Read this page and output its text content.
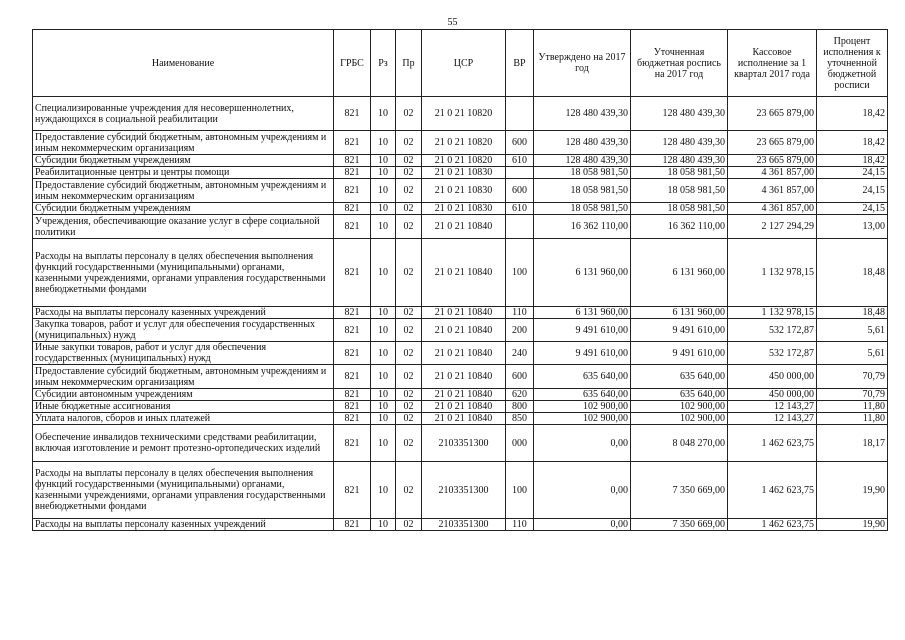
55
Наименование	ГРБС	Рз	Пр	ЦСР	ВР	Утверждено на 2017 год	Уточненная бюджетная роспись на 2017 год	Кассовое исполнение за 1 квартал 2017 года	Процент исполнения к уточненной бюджетной росписи
Специализированные учреждения для несовершеннолетних, нуждающихся в социальной реабилитации	821	10	02	21 0 21 10820		128 480 439,30	128 480 439,30	23 665 879,00	18,42
Предоставление субсидий бюджетным, автономным учреждениям и иным некоммерческим организациям	821	10	02	21 0 21 10820	600	128 480 439,30	128 480 439,30	23 665 879,00	18,42
Субсидии бюджетным учреждениям	821	10	02	21 0 21 10820	610	128 480 439,30	128 480 439,30	23 665 879,00	18,42
Реабилитационные центры и центры помощи	821	10	02	21 0 21 10830		18 058 981,50	18 058 981,50	4 361 857,00	24,15
Предоставление субсидий бюджетным, автономным учреждениям и иным некоммерческим организациям	821	10	02	21 0 21 10830	600	18 058 981,50	18 058 981,50	4 361 857,00	24,15
Субсидии бюджетным учреждениям	821	10	02	21 0 21 10830	610	18 058 981,50	18 058 981,50	4 361 857,00	24,15
Учреждения, обеспечивающие оказание услуг в сфере социальной политики	821	10	02	21 0 21 10840		16 362 110,00	16 362 110,00	2 127 294,29	13,00
Расходы на выплаты персоналу в целях обеспечения выполнения функций государственными (муниципальными) органами, казенными учреждениями, органами управления государственными внебюджетными фондами	821	10	02	21 0 21 10840	100	6 131 960,00	6 131 960,00	1 132 978,15	18,48
Расходы на выплаты персоналу казенных учреждений	821	10	02	21 0 21 10840	110	6 131 960,00	6 131 960,00	1 132 978,15	18,48
Закупка товаров, работ и услуг для обеспечения государственных (муниципальных) нужд	821	10	02	21 0 21 10840	200	9 491 610,00	9 491 610,00	532 172,87	5,61
Иные закупки товаров, работ и услуг для обеспечения государственных (муниципальных) нужд	821	10	02	21 0 21 10840	240	9 491 610,00	9 491 610,00	532 172,87	5,61
Предоставление субсидий бюджетным, автономным учреждениям и иным некоммерческим организациям	821	10	02	21 0 21 10840	600	635 640,00	635 640,00	450 000,00	70,79
Субсидии автономным учреждениям	821	10	02	21 0 21 10840	620	635 640,00	635 640,00	450 000,00	70,79
Иные бюджетные ассигнования	821	10	02	21 0 21 10840	800	102 900,00	102 900,00	12 143,27	11,80
Уплата налогов, сборов и иных платежей	821	10	02	21 0 21 10840	850	102 900,00	102 900,00	12 143,27	11,80
Обеспечение инвалидов техническими средствами реабилитации, включая изготовление и ремонт протезно-ортопедических изделий	821	10	02	2103351300	000	0,00	8 048 270,00	1 462 623,75	18,17
Расходы на выплаты персоналу в целях обеспечения выполнения функций государственными (муниципальными) органами, казенными учреждениями, органами управления государственными внебюджетными фондами	821	10	02	2103351300	100	0,00	7 350 669,00	1 462 623,75	19,90
Расходы на выплаты персоналу казенных учреждений	821	10	02	2103351300	110	0,00	7 350 669,00	1 462 623,75	19,90
